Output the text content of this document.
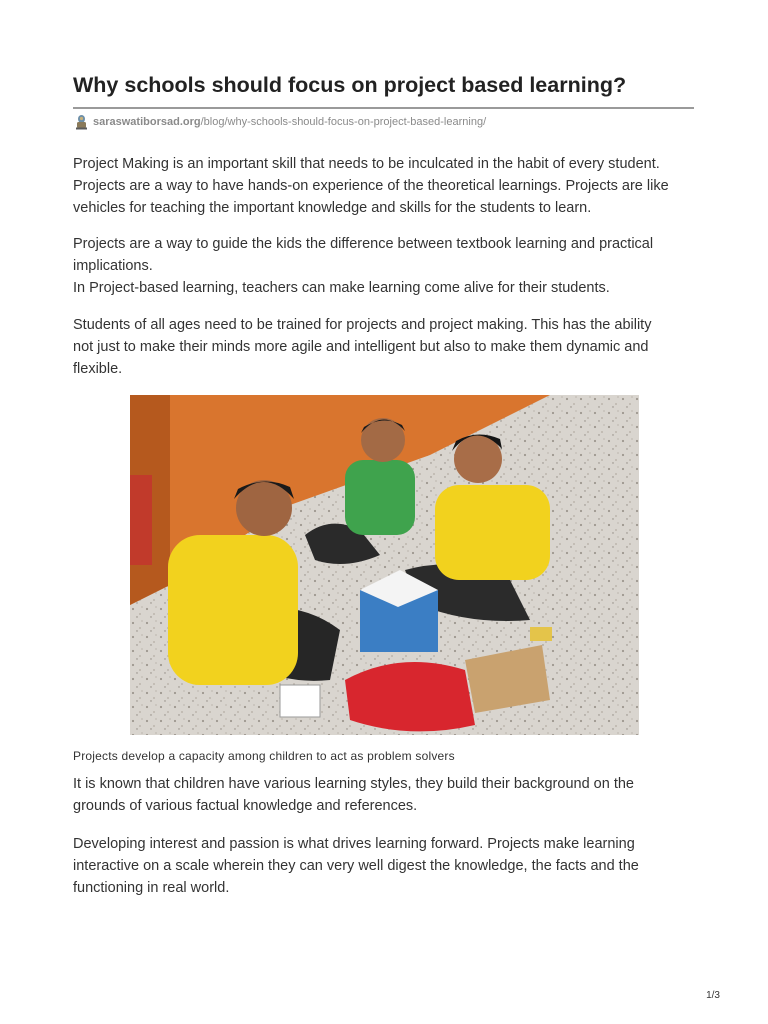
Why schools should focus on project based learning?
saraswatiborsad.org /blog/why-schools-should-focus-on-project-based-learning/

Project Making is an important skill that needs to be inculcated in the habit of every student.
Projects are a way to have hands-on experience of the theoretical learnings. Projects are like
vehicles for teaching the important knowledge and skills for the students to learn.

Projects are a way to guide the kids the difference between textbook learning and practical
implications.
In Project-based learning, teachers can make learning come alive for their students.

Students of all ages need to be trained for projects and project making. This has the ability
not just to make their minds more agile and intelligent but also to make them dynamic and
flexible.

Projects develop a capacity among children to act as problem solvers

It is known that children have various learning styles, they build their background on the
grounds of various factual knowledge and references.

Developing interest and passion is what drives learning forward. Projects make learning
interactive on a scale wherein they can very well digest the knowledge, the facts and the
functioning in real world.

1/3
